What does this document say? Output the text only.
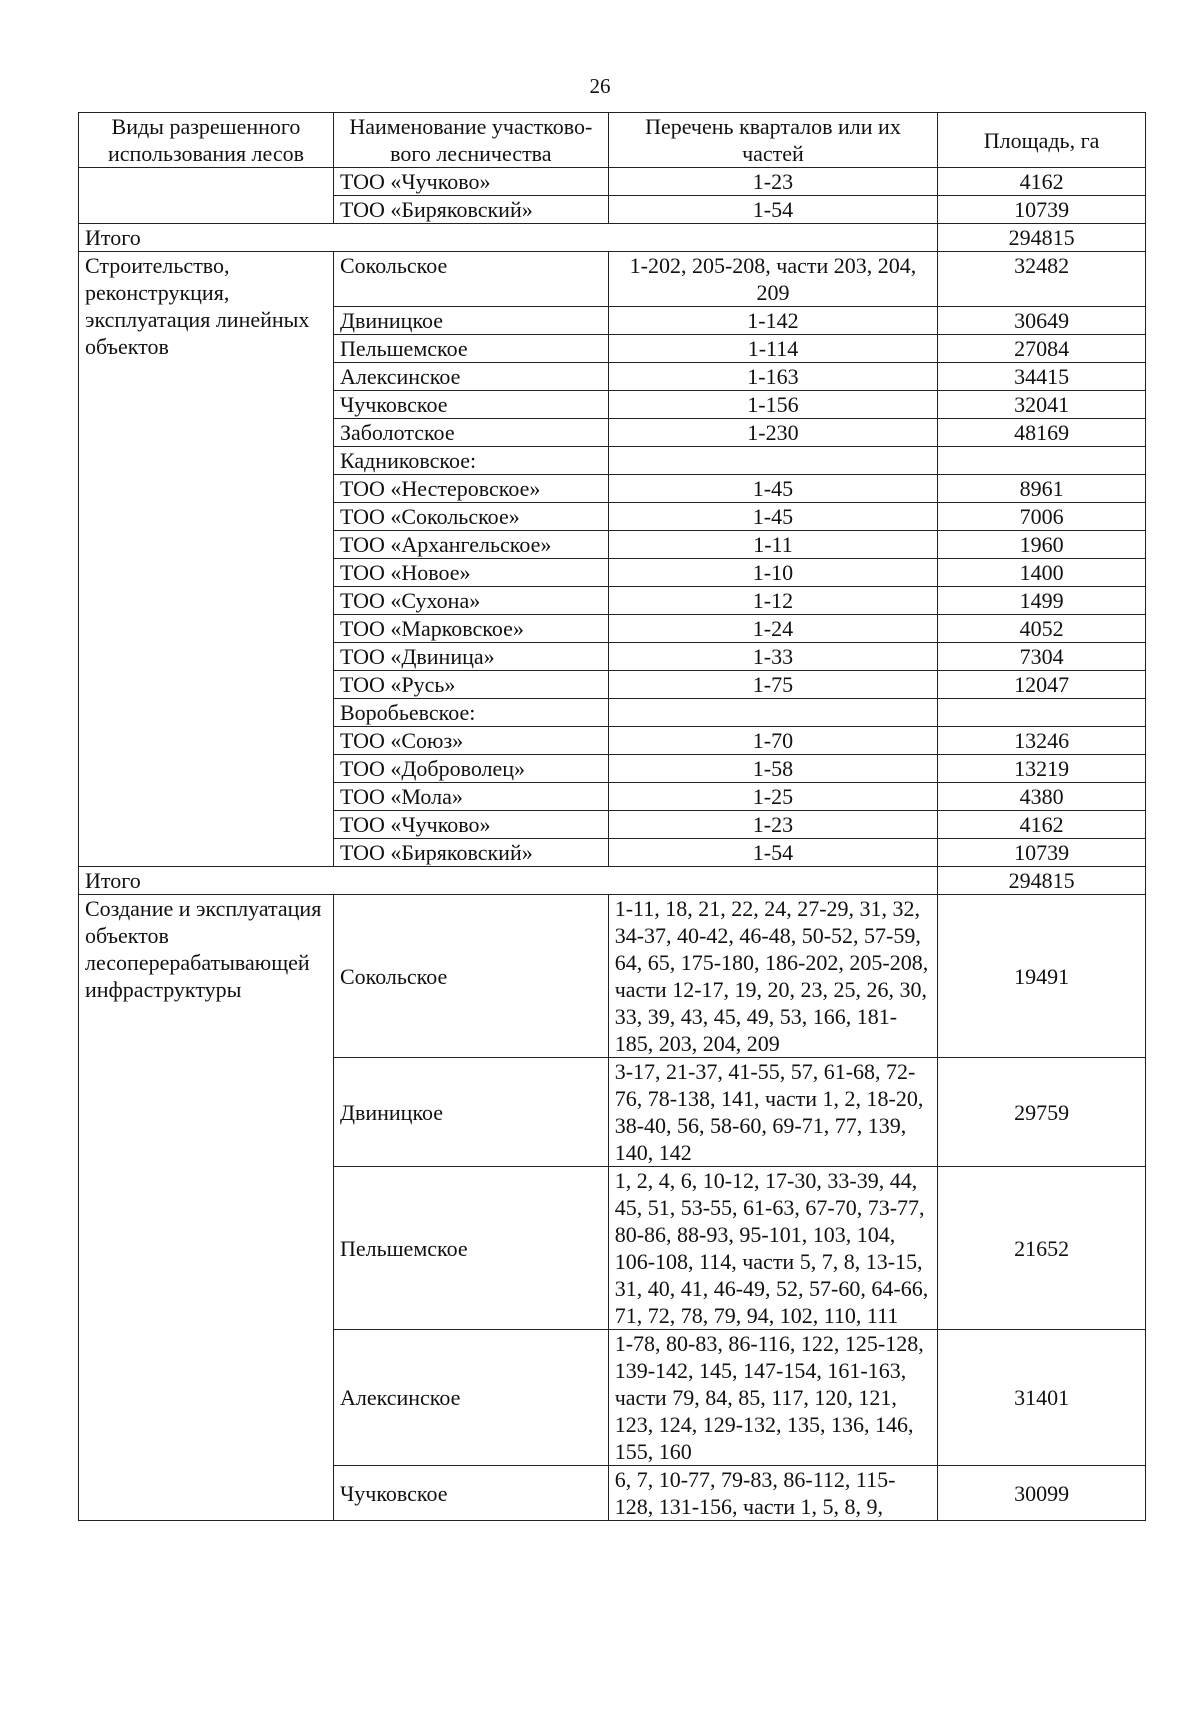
26
Виды разрешенного использования лесов	Наименование участково-вого лесничества	Перечень кварталов или их частей	Площадь, га
	ТОО «Чучково»	1-23	4162
	ТОО «Биряковский»	1-54	10739
Итого			294815
Строительство, реконструкция, эксплуатация линейных объектов	Сокольское	1-202, 205-208, части 203, 204, 209	32482
	Двиницкое	1-142	30649
	Пельшемское	1-114	27084
	Алексинское	1-163	34415
	Чучковское	1-156	32041
	Заболотское	1-230	48169
	Кадниковское:		
	ТОО «Нестеровское»	1-45	8961
	ТОО «Сокольское»	1-45	7006
	ТОО «Архангельское»	1-11	1960
	ТОО «Новое»	1-10	1400
	ТОО «Сухона»	1-12	1499
	ТОО «Марковское»	1-24	4052
	ТОО «Двиница»	1-33	7304
	ТОО «Русь»	1-75	12047
	Воробьевское:		
	ТОО «Союз»	1-70	13246
	ТОО «Доброволец»	1-58	13219
	ТОО «Мола»	1-25	4380
	ТОО «Чучково»	1-23	4162
	ТОО «Биряковский»	1-54	10739
Итого			294815
Создание и эксплуатация объектов лесоперерабатывающей инфраструктуры	Сокольское	1-11, 18, 21, 22, 24, 27-29, 31, 32, 34-37, 40-42, 46-48, 50-52, 57-59, 64, 65, 175-180, 186-202, 205-208, части 12-17, 19, 20, 23, 25, 26, 30, 33, 39, 43, 45, 49, 53, 166, 181-185, 203, 204, 209	19491
	Двиницкое	3-17, 21-37, 41-55, 57, 61-68, 72-76, 78-138, 141, части 1, 2, 18-20, 38-40, 56, 58-60, 69-71, 77, 139, 140, 142	29759
	Пельшемское	1, 2, 4, 6, 10-12, 17-30, 33-39, 44, 45, 51, 53-55, 61-63, 67-70, 73-77, 80-86, 88-93, 95-101, 103, 104, 106-108, 114, части 5, 7, 8, 13-15, 31, 40, 41, 46-49, 52, 57-60, 64-66, 71, 72, 78, 79, 94, 102, 110, 111	21652
	Алексинское	1-78, 80-83, 86-116, 122, 125-128, 139-142, 145, 147-154, 161-163, части 79, 84, 85, 117, 120, 121, 123, 124, 129-132, 135, 136, 146, 155, 160	31401
	Чучковское	6, 7, 10-77, 79-83, 86-112, 115-128, 131-156, части 1, 5, 8, 9,	30099
